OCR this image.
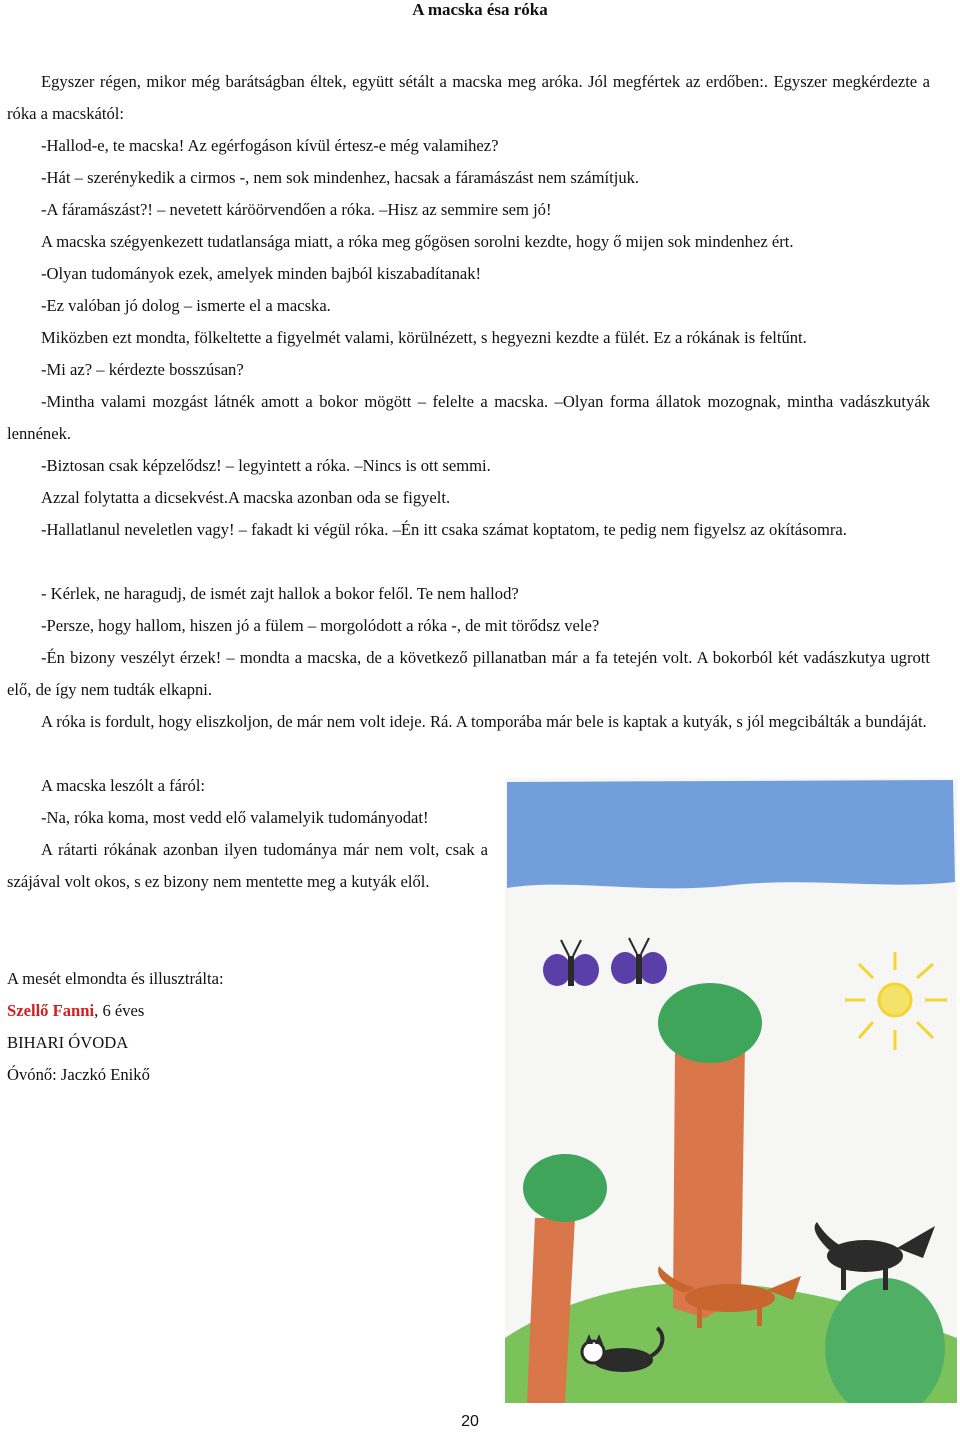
A macska ésa róka

Egyszer régen, mikor még barátságban éltek, együtt sétált a macska meg aróka. Jól megfértek az erdőben:. Egyszer megkérdezte a róka a macskától:

-Hallod-e, te macska! Az egérfogáson kívül értesz-e még valamihez?

-Hát – szerénykedik a cirmos -, nem sok mindenhez, hacsak a fáramászást nem számítjuk.

-A fáramászást?! – nevetett káröörvendően a róka. –Hisz az semmire sem jó!

A macska szégyenkezett tudatlansága miatt, a róka meg gőgösen sorolni kezdte, hogy ő mijen sok mindenhez ért.

-Olyan tudományok ezek, amelyek minden bajból kiszabadítanak!

-Ez valóban jó dolog – ismerte el a macska.

Miközben ezt mondta, fölkeltette a figyelmét valami, körülnézett, s hegyezni kezdte a fülét. Ez a rókának is feltűnt.

-Mi az? – kérdezte bosszúsan?

-Mintha valami mozgást látnék amott a bokor mögött – felelte a macska. –Olyan forma állatok mozognak, mintha vadászkutyák lennének.

-Biztosan csak képzelődsz! – legyintett a róka. –Nincs is ott semmi.

Azzal folytatta a dicsekvést.A macska azonban oda se figyelt.

-Hallatlanul neveletlen vagy! – fakadt ki végül róka. –Én itt csaka számat koptatom, te pedig nem figyelsz az okításomra.

- Kérlek, ne haragudj, de ismét zajt hallok a bokor felől. Te nem hallod?

-Persze, hogy hallom, hiszen jó a fülem – morgolódott a róka -, de mit törődsz vele?

-Én bizony veszélyt érzek! – mondta a macska, de a következő pillanatban már a fa tetején volt. A bokorból két vadászkutya ugrott elő, de így nem tudták elkapni.

A róka is fordult, hogy eliszkoljon, de már nem volt ideje. Rá. A tomporába már bele is kaptak a kutyák, s jól megcibálták a bundáját.

A macska leszólt a fáról:

-Na, róka koma, most vedd elő valamelyik tudományodat!

A rátarti rókának azonban ilyen tudománya már nem volt, csak a szájával volt okos, s ez bizony nem mentette meg a kutyák elől.

A mesét elmondta és illusztrálta:
Szellő Fanni, 6 éves
BIHARI ÓVODA
Óvónő: Jaczkó Enikő
20
